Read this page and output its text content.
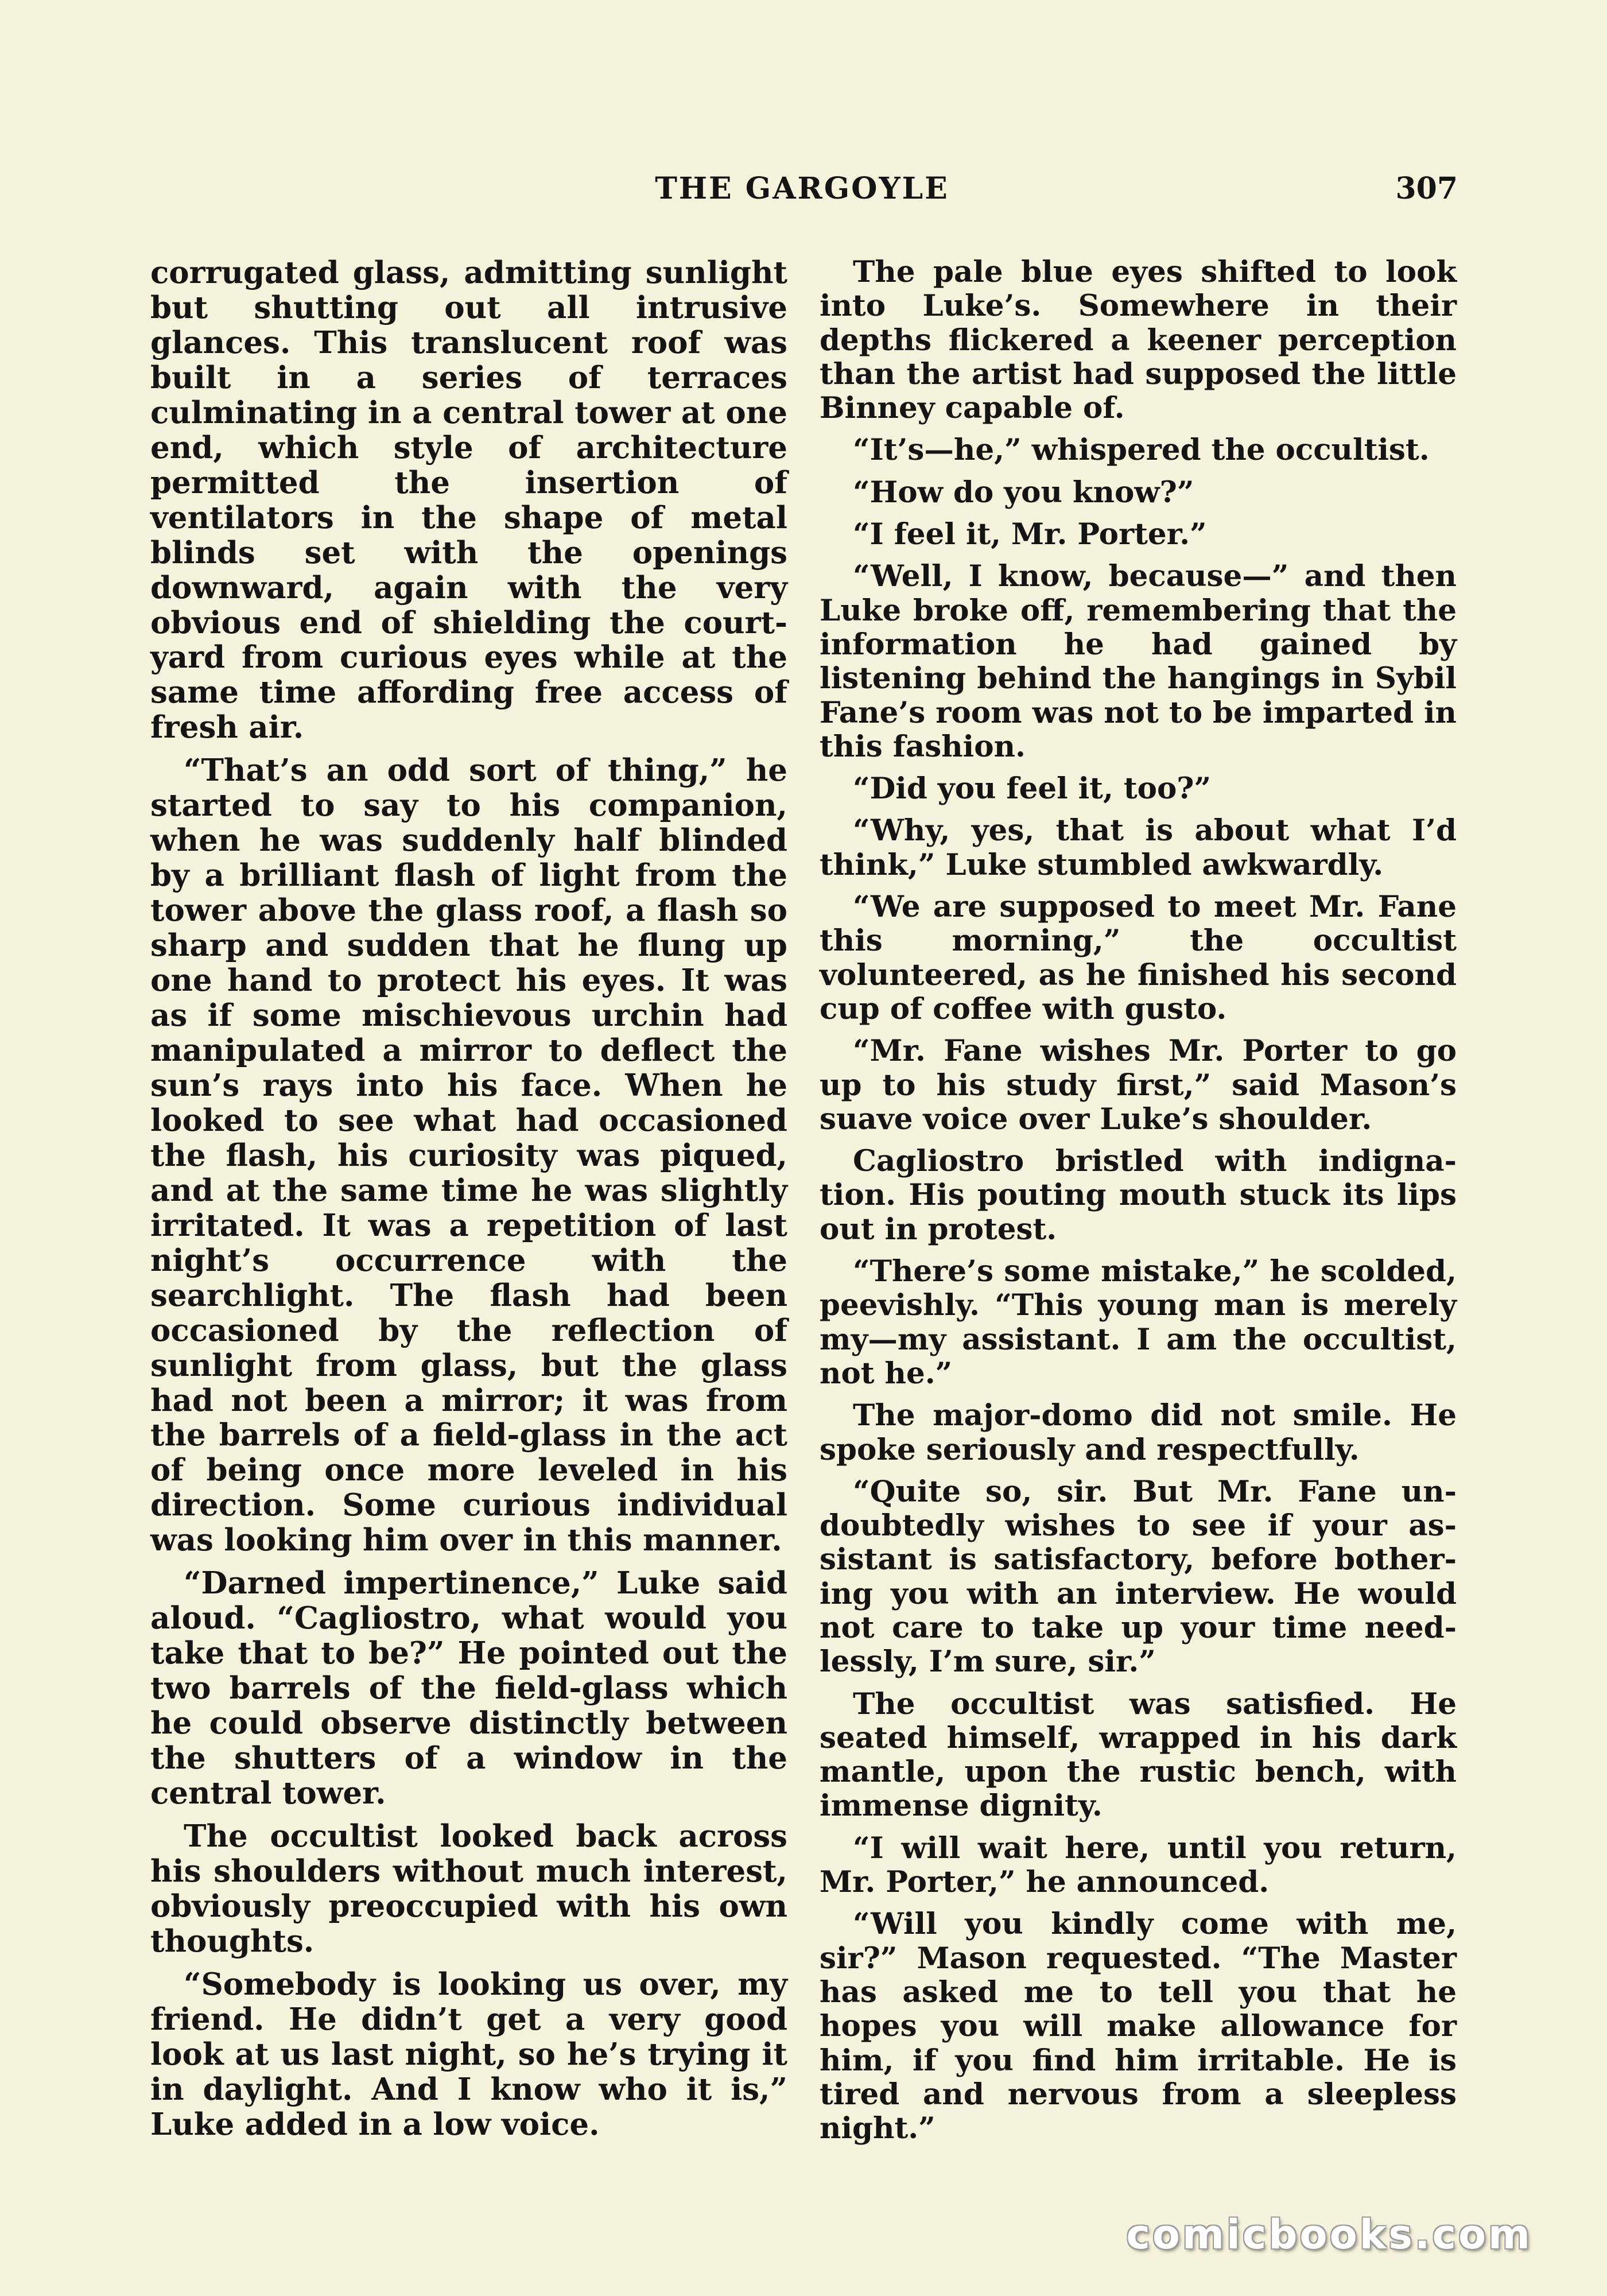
THE GARGOYLE	307

corrugated glass, admitting sunlight but shutting out all intrusive glances. This translucent roof was built in a series of terraces culminating in a central tower at one end, which style of architecture permitted the insertion of ventilators in the shape of metal blinds set with the openings downward, again with the very obvious end of shielding the courtyard from curious eyes while at the same time affording free access of fresh air.

“That’s an odd sort of thing,” he started to say to his companion, when he was suddenly half blinded by a brilliant flash of light from the tower above the glass roof, a flash so sharp and sudden that he flung up one hand to protect his eyes. It was as if some mischievous urchin had manipulated a mirror to deflect the sun’s rays into his face. When he looked to see what had occasioned the flash, his curiosity was piqued, and at the same time he was slightly irritated. It was a repetition of last night’s occurrence with the searchlight. The flash had been occasioned by the reflection of sunlight from glass, but the glass had not been a mirror; it was from the barrels of a field-glass in the act of being once more leveled in his direction. Some curious individual was looking him over in this manner.

“Darned impertinence,” Luke said aloud. “Cagliostro, what would you take that to be?” He pointed out the two barrels of the field-glass which he could observe distinctly between the shutters of a window in the central tower.

The occultist looked back across his shoulders without much interest, obviously preoccupied with his own thoughts.

“Somebody is looking us over, my friend. He didn’t get a very good look at us last night, so he’s trying it in daylight. And I know who it is,” Luke added in a low voice.

The pale blue eyes shifted to look into Luke’s. Somewhere in their depths flickered a keener perception than the artist had supposed the little Binney capable of.

“It’s—he,” whispered the occultist.

“How do you know?”

“I feel it, Mr. Porter.”

“Well, I know, because—” and then Luke broke off, remembering that the information he had gained by listening behind the hangings in Sybil Fane’s room was not to be imparted in this fashion.

“Did you feel it, too?”

“Why, yes, that is about what I’d think,” Luke stumbled awkwardly.

“We are supposed to meet Mr. Fane this morning,” the occultist volunteered, as he finished his second cup of coffee with gusto.

“Mr. Fane wishes Mr. Porter to go up to his study first,” said Mason’s suave voice over Luke’s shoulder.

Cagliostro bristled with indignation. His pouting mouth stuck its lips out in protest.

“There’s some mistake,” he scolded, peevishly. “This young man is merely my—my assistant. I am the occultist, not he.”

The major-domo did not smile. He spoke seriously and respectfully.

“Quite so, sir. But Mr. Fane undoubtedly wishes to see if your assistant is satisfactory, before bothering you with an interview. He would not care to take up your time needlessly, I’m sure, sir.”

The occultist was satisfied. He seated himself, wrapped in his dark mantle, upon the rustic bench, with immense dignity.

“I will wait here, until you return, Mr. Porter,” he announced.

“Will you kindly come with me, sir?” Mason requested. “The Master has asked me to tell you that he hopes you will make allowance for him, if you find him irritable. He is tired and nervous from a sleepless night.”

comicbooks.com
